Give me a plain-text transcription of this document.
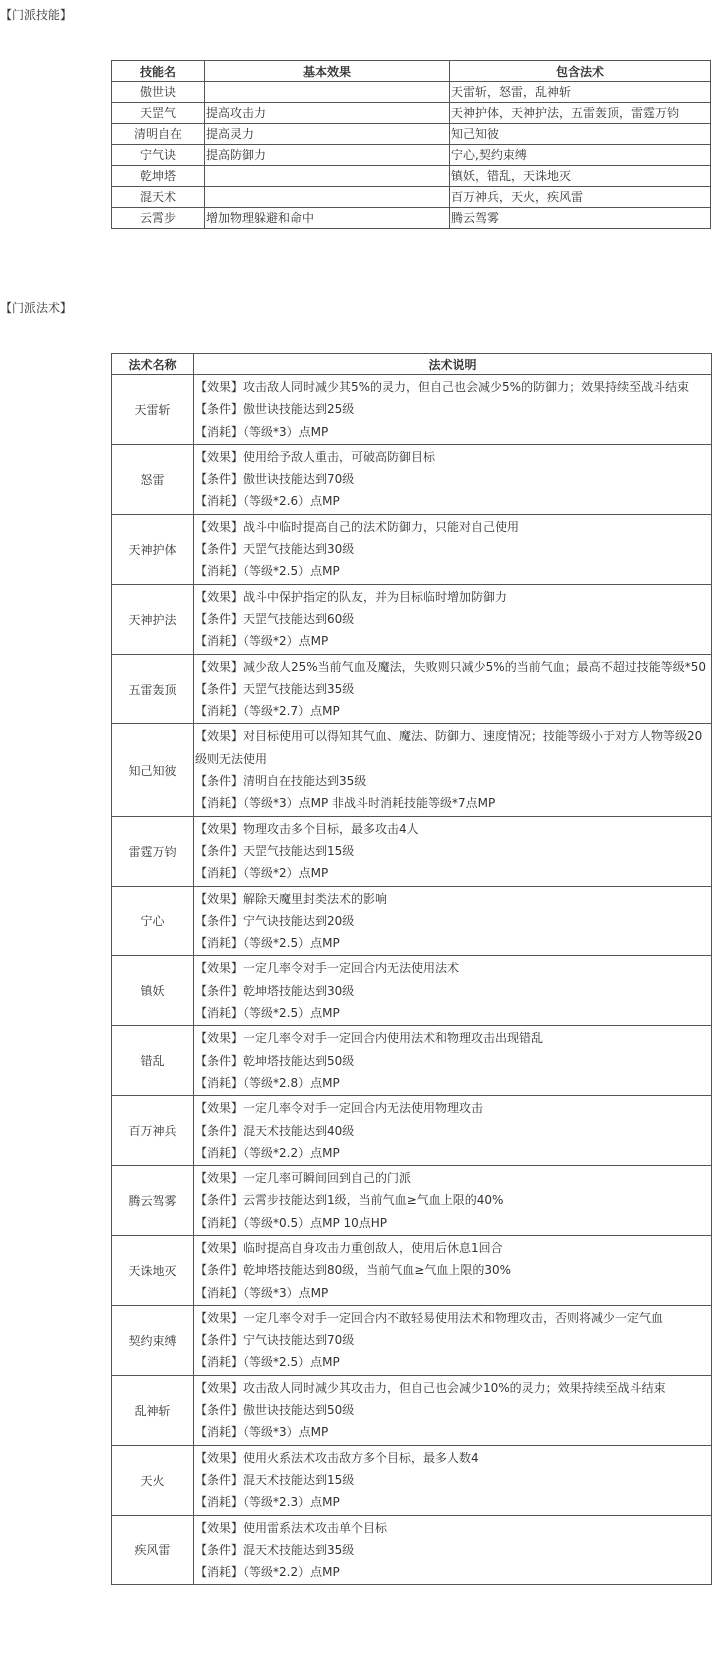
【门派技能】
技能名	基本效果	包含法术
傲世诀		天雷斩，怒雷，乱神斩
天罡气	提高攻击力	天神护体，天神护法，五雷轰顶，雷霆万钧
清明自在	提高灵力	知己知彼
宁气诀	提高防御力	宁心,契约束缚
乾坤塔		镇妖，错乱，天诛地灭
混天术		百万神兵，天火，疾风雷
云霄步	增加物理躲避和命中	腾云驾雾
【门派法术】
法术名称	法术说明
天雷斩	【效果】攻击敌人同时减少其5%的灵力，但自己也会减少5%的防御力；效果持续至战斗结束
【条件】傲世诀技能达到25级
【消耗】（等级*3）点MP

怒雷	【效果】使用给予敌人重击，可破高防御目标
【条件】傲世诀技能达到70级
【消耗】（等级*2.6）点MP

天神护体	【效果】战斗中临时提高自己的法术防御力，只能对自己使用
【条件】天罡气技能达到30级
【消耗】（等级*2.5）点MP

天神护法	【效果】战斗中保护指定的队友，并为目标临时增加防御力
【条件】天罡气技能达到60级
【消耗】（等级*2）点MP

五雷轰顶	【效果】减少敌人25%当前气血及魔法，失败则只减少5%的当前气血；最高不超过技能等级*50
【条件】天罡气技能达到35级
【消耗】（等级*2.7）点MP

知己知彼	【效果】对目标使用可以得知其气血、魔法、防御力、速度情况；技能等级小于对方人物等级20级则无法使用
【条件】清明自在技能达到35级
【消耗】（等级*3）点MP 非战斗时消耗技能等级*7点MP

雷霆万钧	【效果】物理攻击多个目标，最多攻击4人
【条件】天罡气技能达到15级
【消耗】（等级*2）点MP

宁心	【效果】解除天魔里封类法术的影响
【条件】宁气诀技能达到20级
【消耗】（等级*2.5）点MP

镇妖	【效果】一定几率令对手一定回合内无法使用法术
【条件】乾坤塔技能达到30级
【消耗】（等级*2.5）点MP

错乱	【效果】一定几率令对手一定回合内使用法术和物理攻击出现错乱
【条件】乾坤塔技能达到50级
【消耗】（等级*2.8）点MP

百万神兵	【效果】一定几率令对手一定回合内无法使用物理攻击
【条件】混天术技能达到40级
【消耗】（等级*2.2）点MP

腾云驾雾	【效果】一定几率可瞬间回到自己的门派
【条件】云霄步技能达到1级，当前气血≥气血上限的40%
【消耗】（等级*0.5）点MP 10点HP

天诛地灭	【效果】临时提高自身攻击力重创敌人，使用后休息1回合
【条件】乾坤塔技能达到80级，当前气血≥气血上限的30%
【消耗】（等级*3）点MP

契约束缚	【效果】一定几率令对手一定回合内不敢轻易使用法术和物理攻击，否则将减少一定气血
【条件】宁气诀技能达到70级
【消耗】（等级*2.5）点MP

乱神斩	【效果】攻击敌人同时减少其攻击力，但自己也会减少10%的灵力；效果持续至战斗结束
【条件】傲世诀技能达到50级
【消耗】（等级*3）点MP

天火	【效果】使用火系法术攻击敌方多个目标，最多人数4
【条件】混天术技能达到15级
【消耗】（等级*2.3）点MP

疾风雷	【效果】使用雷系法术攻击单个目标
【条件】混天术技能达到35级
【消耗】（等级*2.2）点MP
